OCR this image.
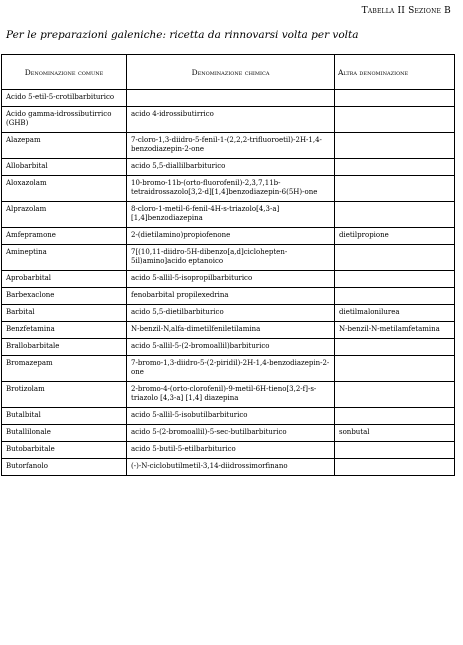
Tabella II Sezione B
Per le preparazioni galeniche: ricetta da rinnovarsi volta per volta
Denominazione comune	Denominazione chimica	Altra denominazione
Acido 5-etil-5-crotilbarbiturico		
Acido gamma-idrossibutirrico (GHB)	acido 4-idrossibutirrico	
Alazepam	7-cloro-1,3-diidro-5-fenil-1-(2,2,2-trifluoroetil)-2H-1,4-benzodiazepin-2-one	
Allobarbital	acido 5,5-diallilbarbiturico	
Aloxazolam	10-bromo-11b-(orto-fluorofenil)-2,3,7,11b-tetraidrossazolo[3,2-d][1,4]benzodiazepin-6(5H)-one	
Alprazolam	8-cloro-1-metil-6-fenil-4H-s-triazolo[4,3-a][1,4]benzodiazepina	
Amfepramone	2-(dietilamino)propiofenone	dietilpropione
Amineptina	7[(10,11-diidro-5H-dibenzo[a,d]ciclohepten-5il)amino]acido eptanoico	
Aprobarbital	acido 5-allil-5-isopropilbarbiturico	
Barbexaclone	fenobarbital propilexedrina	
Barbital	acido 5,5-dietilbarbiturico	dietilmalonilurea
Benzfetamina	N-benzil-N,alfa-dimetilfeniletilamina	N-benzil-N-metilamfetamina
Brallobarbitale	acido 5-allil-5-(2-bromoallil)barbiturico	
Bromazepam	7-bromo-1,3-diidro-5-(2-piridil)-2H-1,4-benzodiazepin-2-one	
Brotizolam	2-bromo-4-(orto-clorofenil)-9-metil-6H-tieno[3,2-f]-s-triazolo [4,3-a] [1,4] diazepina	
Butalbital	acido 5-allil-5-isobutilbarbiturico	
Butallilonale	acido 5-(2-bromoallil)-5-sec-butilbarbiturico	sonbutal
Butobarbitale	acido 5-butil-5-etilbarbiturico	
Butorfanolo	(-)-N-ciclobutilmetil-3,14-diidrossimorfinano	
